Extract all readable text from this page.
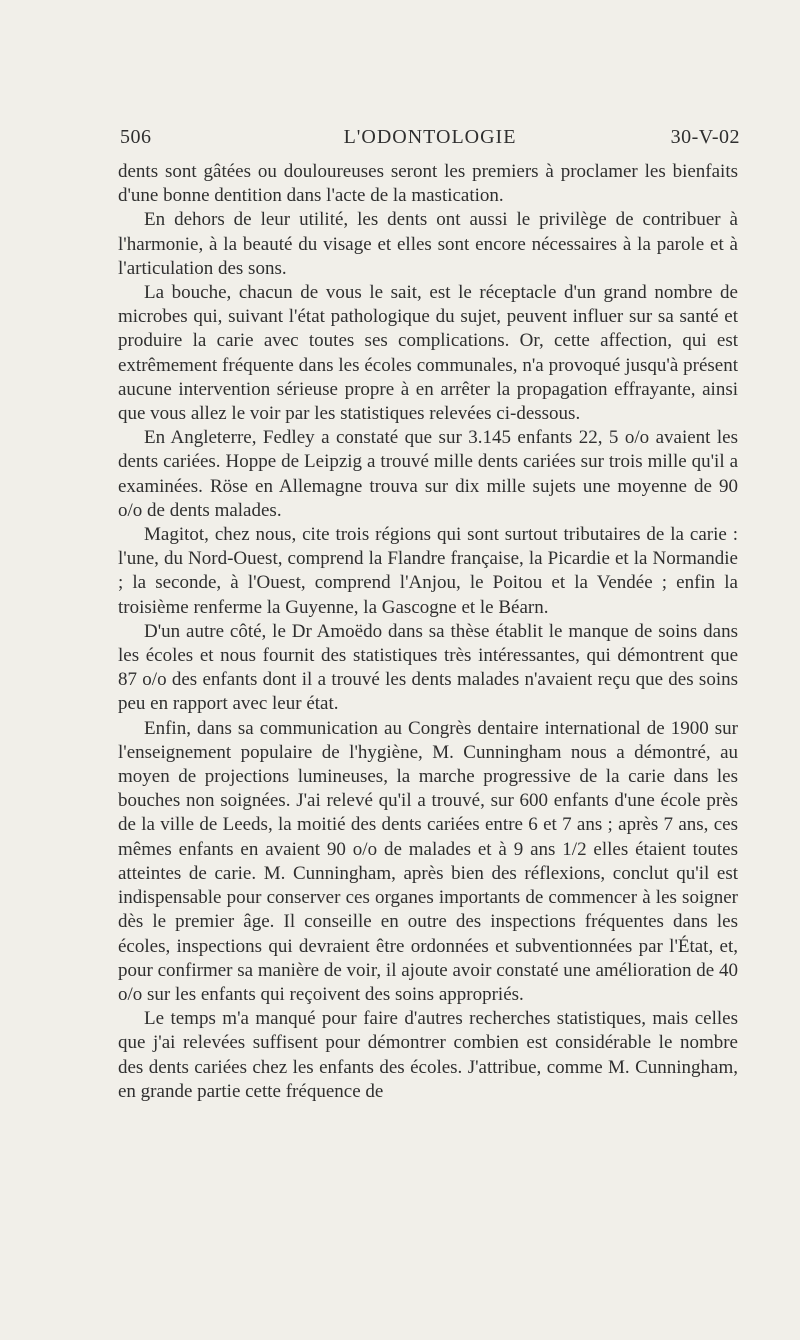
506	L'ODONTOLOGIE	30-V-02

dents sont gâtées ou douloureuses seront les premiers à proclamer les bienfaits d'une bonne dentition dans l'acte de la mastication.

En dehors de leur utilité, les dents ont aussi le privilège de contribuer à l'harmonie, à la beauté du visage et elles sont encore nécessaires à la parole et à l'articulation des sons.

La bouche, chacun de vous le sait, est le réceptacle d'un grand nombre de microbes qui, suivant l'état pathologique du sujet, peuvent influer sur sa santé et produire la carie avec toutes ses complications. Or, cette affection, qui est extrêmement fréquente dans les écoles communales, n'a provoqué jusqu'à présent aucune intervention sérieuse propre à en arrêter la propagation effrayante, ainsi que vous allez le voir par les statistiques relevées ci-dessous.

En Angleterre, Fedley a constaté que sur 3.145 enfants 22, 5 o/o avaient les dents cariées. Hoppe de Leipzig a trouvé mille dents cariées sur trois mille qu'il a examinées. Röse en Allemagne trouva sur dix mille sujets une moyenne de 90 o/o de dents malades.

Magitot, chez nous, cite trois régions qui sont surtout tributaires de la carie : l'une, du Nord-Ouest, comprend la Flandre française, la Picardie et la Normandie ; la seconde, à l'Ouest, comprend l'Anjou, le Poitou et la Vendée ; enfin la troisième renferme la Guyenne, la Gascogne et le Béarn.

D'un autre côté, le Dr Amoëdo dans sa thèse établit le manque de soins dans les écoles et nous fournit des statistiques très intéressantes, qui démontrent que 87 o/o des enfants dont il a trouvé les dents malades n'avaient reçu que des soins peu en rapport avec leur état.

Enfin, dans sa communication au Congrès dentaire international de 1900 sur l'enseignement populaire de l'hygiène, M. Cunningham nous a démontré, au moyen de projections lumineuses, la marche progressive de la carie dans les bouches non soignées. J'ai relevé qu'il a trouvé, sur 600 enfants d'une école près de la ville de Leeds, la moitié des dents cariées entre 6 et 7 ans ; après 7 ans, ces mêmes enfants en avaient 90 o/o de malades et à 9 ans 1/2 elles étaient toutes atteintes de carie. M. Cunningham, après bien des réflexions, conclut qu'il est indispensable pour conserver ces organes importants de commencer à les soigner dès le premier âge. Il conseille en outre des inspections fréquentes dans les écoles, inspections qui devraient être ordonnées et subventionnées par l'État, et, pour confirmer sa manière de voir, il ajoute avoir constaté une amélioration de 40 o/o sur les enfants qui reçoivent des soins appropriés.

Le temps m'a manqué pour faire d'autres recherches statistiques, mais celles que j'ai relevées suffisent pour démontrer combien est considérable le nombre des dents cariées chez les enfants des écoles. J'attribue, comme M. Cunningham, en grande partie cette fréquence de
